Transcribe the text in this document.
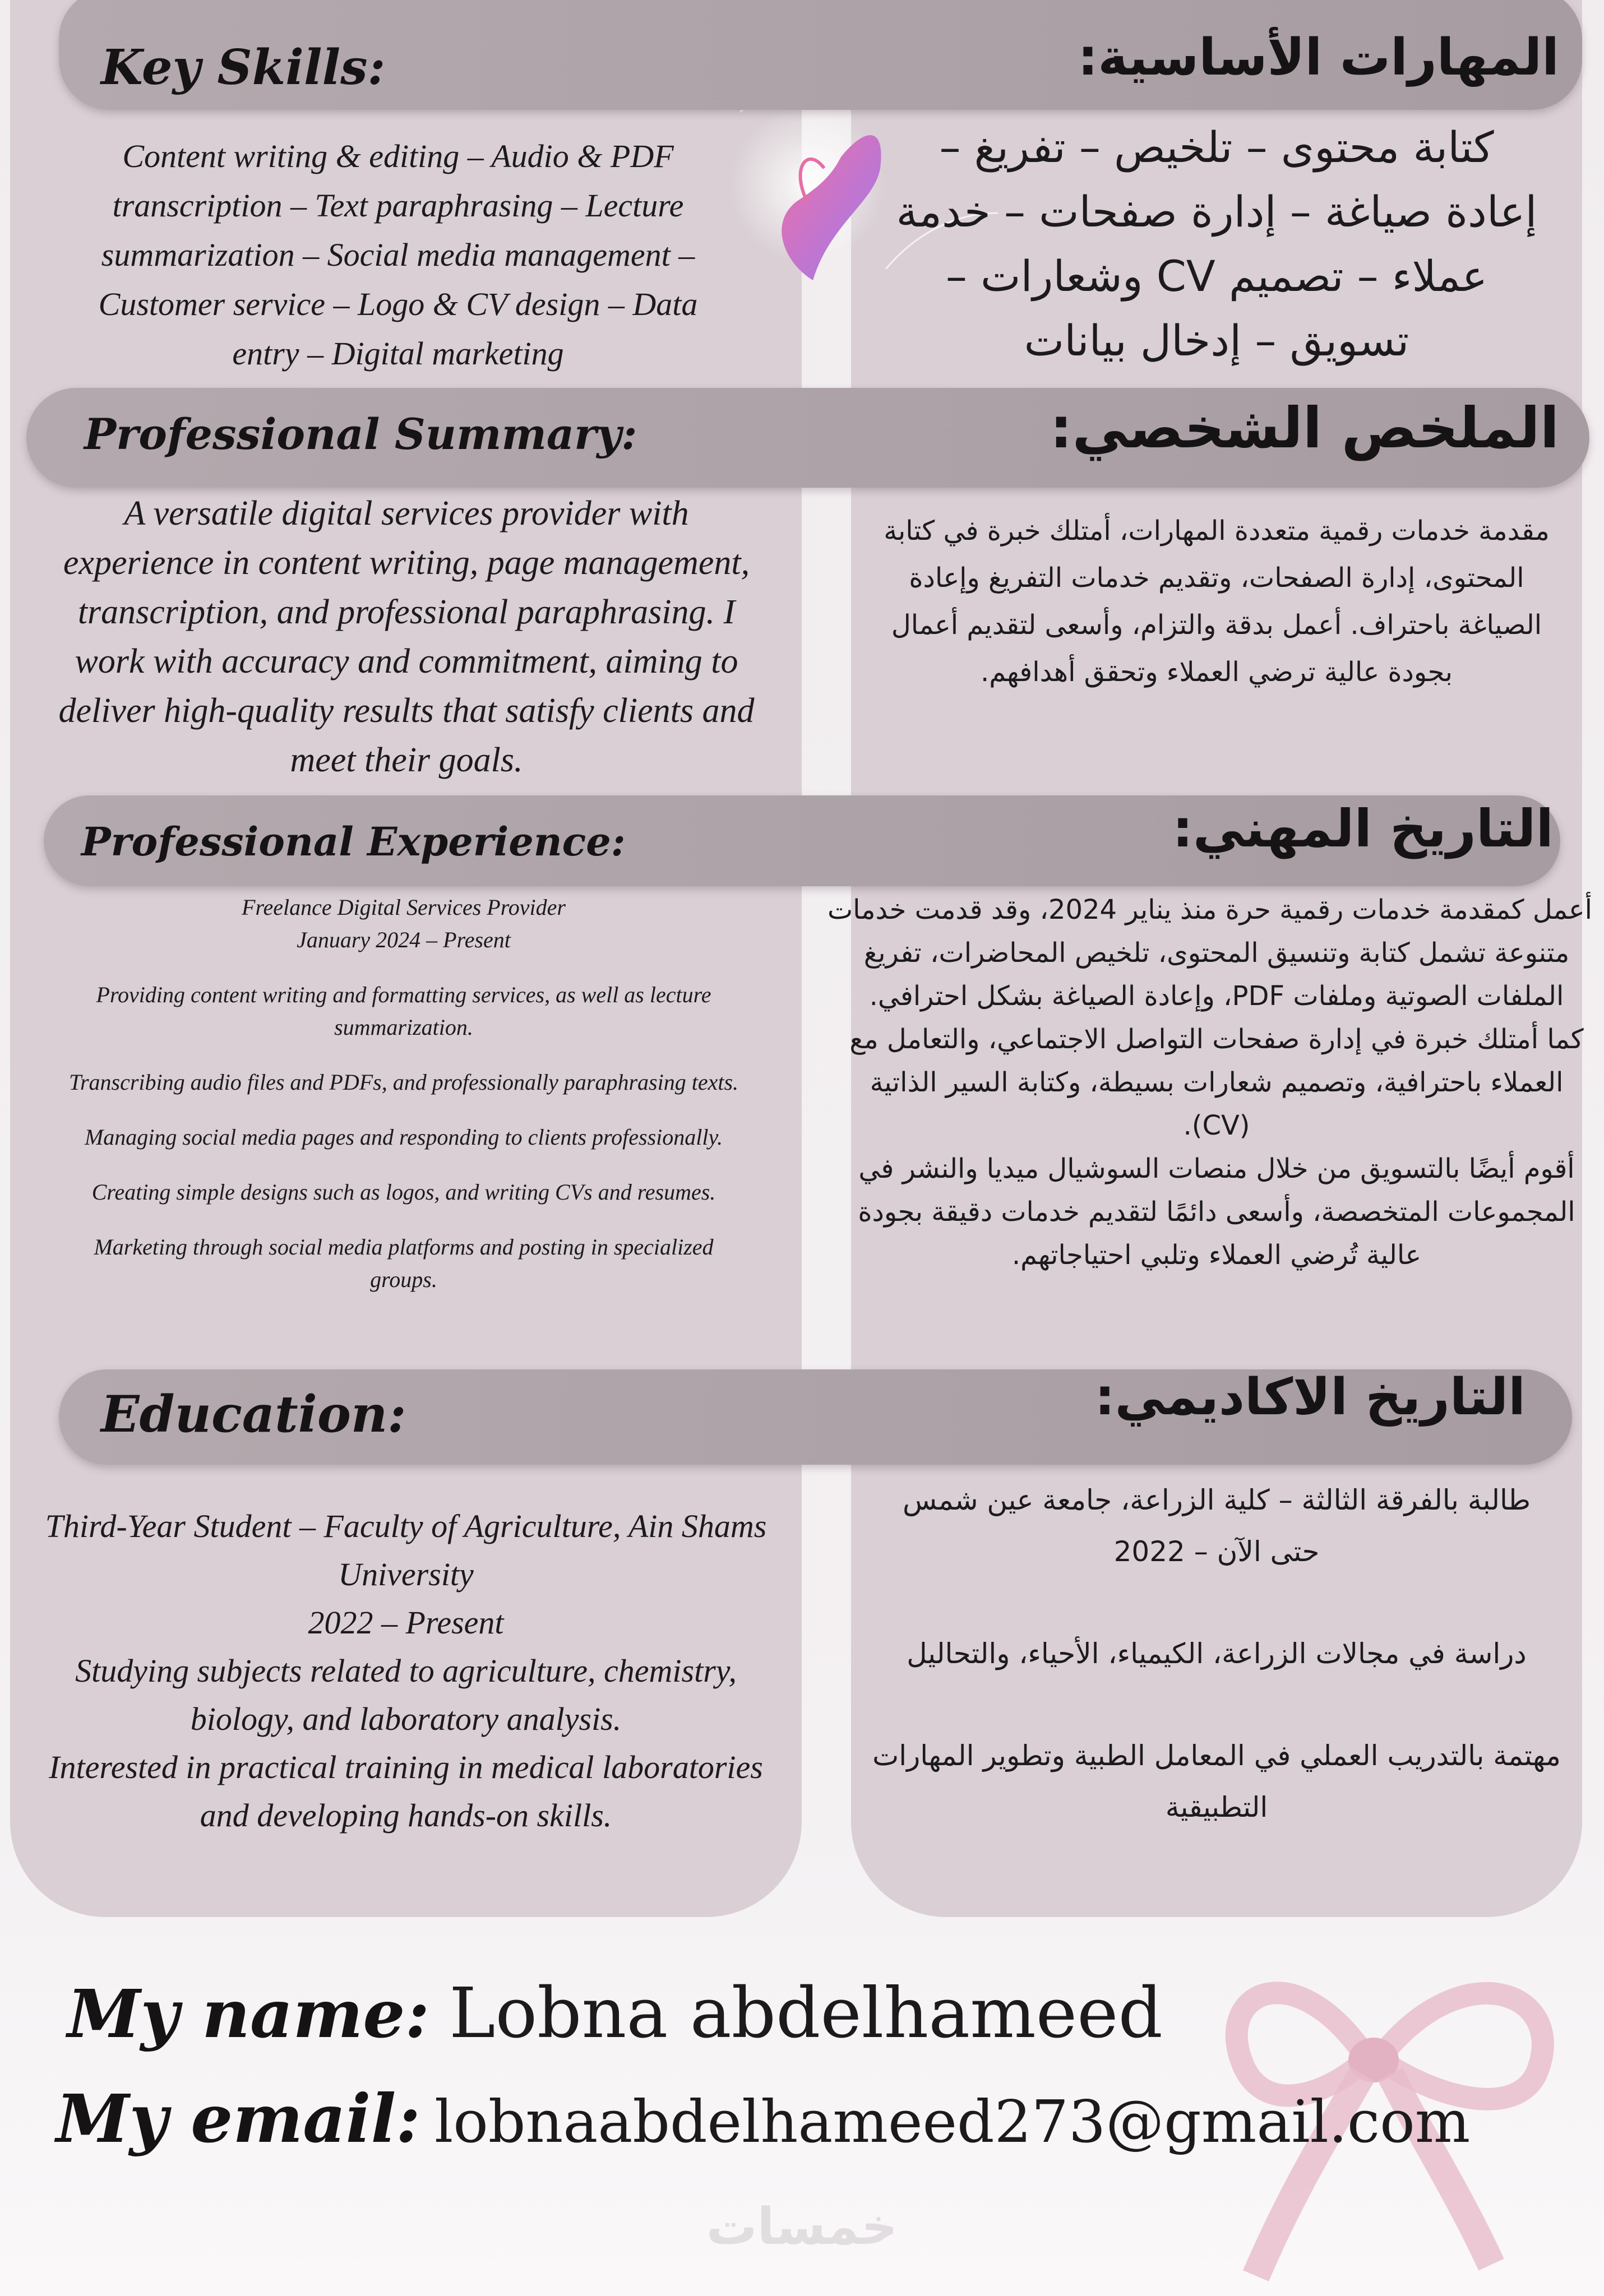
Key Skills:	المهارات الأساسية:

Content writing & editing – Audio & PDF

transcription – Text paraphrasing – Lecture

summarization – Social media management –

Customer service – Logo & CV design – Data

entry – Digital marketing

كتابة محتوى – تلخيص – تفريغ –

إعادة صياغة – إدارة صفحات – خدمة

عملاء – تصميم CV وشعارات –

تسويق – إدخال بيانات

Professional Summary:	الملخص الشخصي:

A versatile digital services provider with

experience in content writing, page management,

transcription, and professional paraphrasing. I

work with accuracy and commitment, aiming to

deliver high-quality results that satisfy clients and

meet their goals.

مقدمة خدمات رقمية متعددة المهارات، أمتلك خبرة في كتابة

المحتوى، إدارة الصفحات، وتقديم خدمات التفريغ وإعادة

الصياغة باحتراف. أعمل بدقة والتزام، وأسعى لتقديم أعمال

بجودة عالية ترضي العملاء وتحقق أهدافهم.

Professional Experience:	التاريخ المهني:

Freelance Digital Services Provider

January 2024 – Present

Providing content writing and formatting services, as well as lecture summarization.

Transcribing audio files and PDFs, and professionally paraphrasing texts.

Managing social media pages and responding to clients professionally.

Creating simple designs such as logos, and writing CVs and resumes.

Marketing through social media platforms and posting in specialized groups.

أعمل كمقدمة خدمات رقمية حرة منذ يناير 2024، وقد قدمت خدمات

متنوعة تشمل كتابة وتنسيق المحتوى، تلخيص المحاضرات، تفريغ

الملفات الصوتية وملفات PDF، وإعادة الصياغة بشكل احترافي.

كما أمتلك خبرة في إدارة صفحات التواصل الاجتماعي، والتعامل مع

العملاء باحترافية، وتصميم شعارات بسيطة، وكتابة السير الذاتية

(CV).

أقوم أيضًا بالتسويق من خلال منصات السوشيال ميديا والنشر في

المجموعات المتخصصة، وأسعى دائمًا لتقديم خدمات دقيقة بجودة

عالية تُرضي العملاء وتلبي احتياجاتهم.

Education:	التاريخ الاكاديمي:

Third-Year Student – Faculty of Agriculture, Ain Shams

University

2022 – Present

Studying subjects related to agriculture, chemistry,

biology, and laboratory analysis.

Interested in practical training in medical laboratories

and developing hands-on skills.

طالبة بالفرقة الثالثة – كلية الزراعة، جامعة عين شمس

حتى الآن – 2022

دراسة في مجالات الزراعة، الكيمياء، الأحياء، والتحاليل

مهتمة بالتدريب العملي في المعامل الطبية وتطوير المهارات

التطبيقية

My name: Lobna abdelhameed
My email: lobnaabdelhameed273@gmail.com
خمسات
